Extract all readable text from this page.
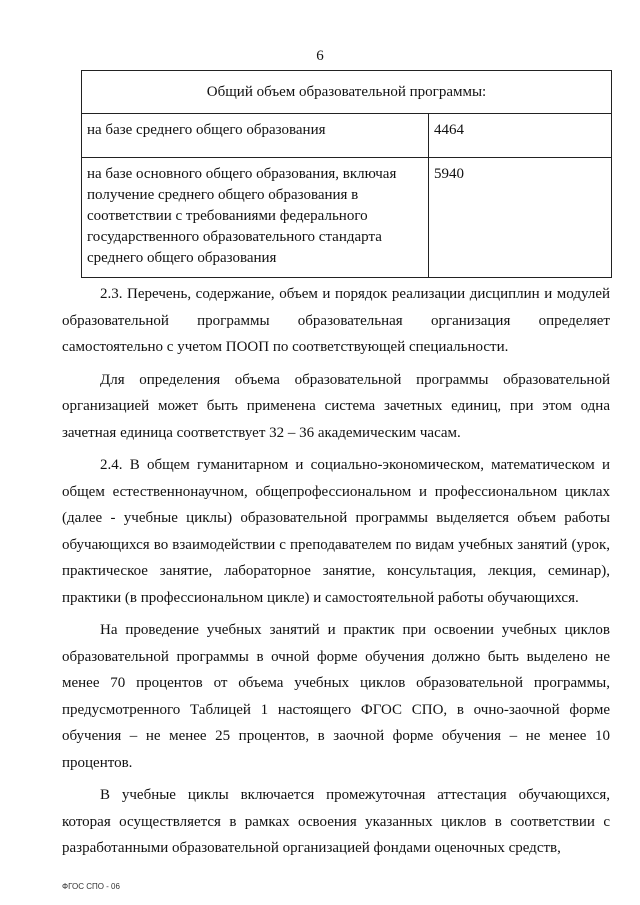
6
Общий объем образовательной программы:	
на базе среднего общего образования	4464
на базе основного общего образования, включая получение среднего общего образования в соответствии с требованиями федерального государственного образовательного стандарта среднего общего образования	5940

2.3. Перечень, содержание, объем и порядок реализации дисциплин и модулей образовательной программы образовательная организация определяет самостоятельно с учетом ПООП по соответствующей специальности.

Для определения объема образовательной программы образовательной организацией может быть применена система зачетных единиц, при этом одна зачетная единица соответствует 32 – 36 академическим часам.

2.4. В общем гуманитарном и социально-экономическом, математическом и общем естественнонаучном, общепрофессиональном и профессиональном циклах (далее - учебные циклы) образовательной программы выделяется объем работы обучающихся во взаимодействии с преподавателем по видам учебных занятий (урок, практическое занятие, лабораторное занятие, консультация, лекция, семинар), практики (в профессиональном цикле) и самостоятельной работы обучающихся.

На проведение учебных занятий и практик при освоении учебных циклов образовательной программы в очной форме обучения должно быть выделено не менее 70 процентов от объема учебных циклов образовательной программы, предусмотренного Таблицей 1 настоящего ФГОС СПО, в очно-заочной форме обучения – не менее 25 процентов, в заочной форме обучения – не менее 10 процентов.

В учебные циклы включается промежуточная аттестация обучающихся, которая осуществляется в рамках освоения указанных циклов в соответствии с разработанными образовательной организацией фондами оценочных средств,

ФГОС СПО - 06
